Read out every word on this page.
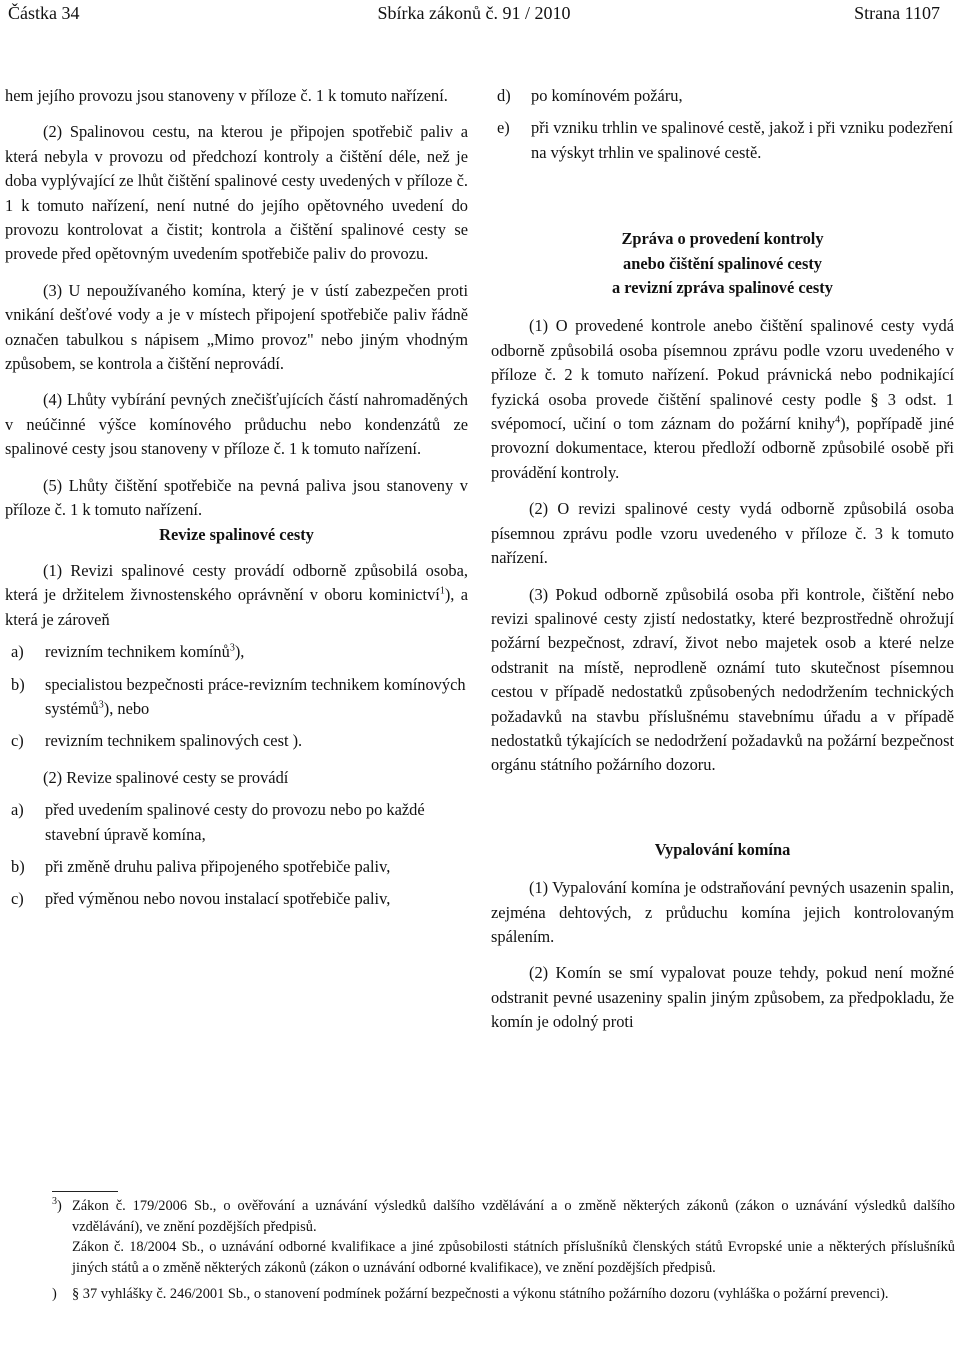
Částka 34	Sbírka zákonů č. 91 / 2010	Strana 1107

hem jejího provozu jsou stanoveny v příloze č. 1 k tomuto nařízení.

(2) Spalinovou cestu, na kterou je připojen spotřebič paliv a která nebyla v provozu od předchozí kontroly a čištění déle, než je doba vyplývající ze lhůt čištění spalinové cesty uvedených v příloze č. 1 k tomuto nařízení, není nutné do jejího opětovného uvedení do provozu kontrolovat a čistit; kontrola a čištění spalinové cesty se provede před opětovným uvedením spotřebiče paliv do provozu.

(3) U nepoužívaného komína, který je v ústí zabezpečen proti vnikání dešťové vody a je v místech připojení spotřebiče paliv řádně označen tabulkou s nápisem „Mimo provoz" nebo jiným vhodným způsobem, se kontrola a čištění neprovádí.

(4) Lhůty vybírání pevných znečišťujících částí nahromaděných v neúčinné výšce komínového průduchu nebo kondenzátů ze spalinové cesty jsou stanoveny v příloze č. 1 k tomuto nařízení.

(5) Lhůty čištění spotřebiče na pevná paliva jsou stanoveny v příloze č. 1 k tomuto nařízení.

Revize spalinové cesty

(1) Revizi spalinové cesty provádí odborně způsobilá osoba, která je držitelem živnostenského oprávnění v oboru kominictví$^1$), a která je zároveň

a) revizním technikem komínů$^3$),
b) specialistou bezpečnosti práce-revizním technikem komínových systémů$^3$), nebo
c) revizním technikem spalinových cest ).

(2) Revize spalinové cesty se provádí

a) před uvedením spalinové cesty do provozu nebo po každé stavební úpravě komína,
b) při změně druhu paliva připojeného spotřebiče paliv,
c) před výměnou nebo novou instalací spotřebiče paliv,
d) po komínovém požáru,
e) při vzniku trhlin ve spalinové cestě, jakož i při vzniku podezření na výskyt trhlin ve spalinové cestě.

Zpráva o provedení kontroly

anebo čištění spalinové cesty

a revizní zpráva spalinové cesty

(1) O provedené kontrole anebo čištění spalinové cesty vydá odborně způsobilá osoba písemnou zprávu podle vzoru uvedeného v příloze č. 2 k tomuto nařízení. Pokud právnická nebo podnikající fyzická osoba provede čištění spalinové cesty podle § 3 odst. 1 svépomocí, učiní o tom záznam do požární knihy$^4$), popřípadě jiné provozní dokumentace, kterou předloží odborně způsobilé osobě při provádění kontroly.

(2) O revizi spalinové cesty vydá odborně způsobilá osoba písemnou zprávu podle vzoru uvedeného v příloze č. 3 k tomuto nařízení.

(3) Pokud odborně způsobilá osoba při kontrole, čištění nebo revizi spalinové cesty zjistí nedostatky, které bezprostředně ohrožují požární bezpečnost, zdraví, život nebo majetek osob a které nelze odstranit na místě, neprodleně oznámí tuto skutečnost písemnou cestou v případě nedostatků způsobených nedodržením technických požadavků na stavbu příslušnému stavebnímu úřadu a v případě nedostatků týkajících se nedodržení požadavků na požární bezpečnost orgánu státního požárního dozoru.

Vypalování komína

(1) Vypalování komína je odstraňování pevných usazenin spalin, zejména dehtových, z průduchu komína jejich kontrolovaným spálením.

(2) Komín se smí vypalovat pouze tehdy, pokud není možné odstranit pevné usazeniny spalin jiným způsobem, za předpokladu, že komín je odolný proti

$^3$) Zákon č. 179/2006 Sb., o ověřování a uznávání výsledků dalšího vzdělávání a o změně některých zákonů (zákon o uznávání výsledků dalšího vzdělávání), ve znění pozdějších předpisů.
Zákon č. 18/2004 Sb., o uznávání odborné kvalifikace a jiné způsobilosti státních příslušníků členských států Evropské unie a některých příslušníků jiných států a o změně některých zákonů (zákon o uznávání odborné kvalifikace), ve znění pozdějších předpisů.
) § 37 vyhlášky č. 246/2001 Sb., o stanovení podmínek požární bezpečnosti a výkonu státního požárního dozoru (vyhláška o požární prevenci).
